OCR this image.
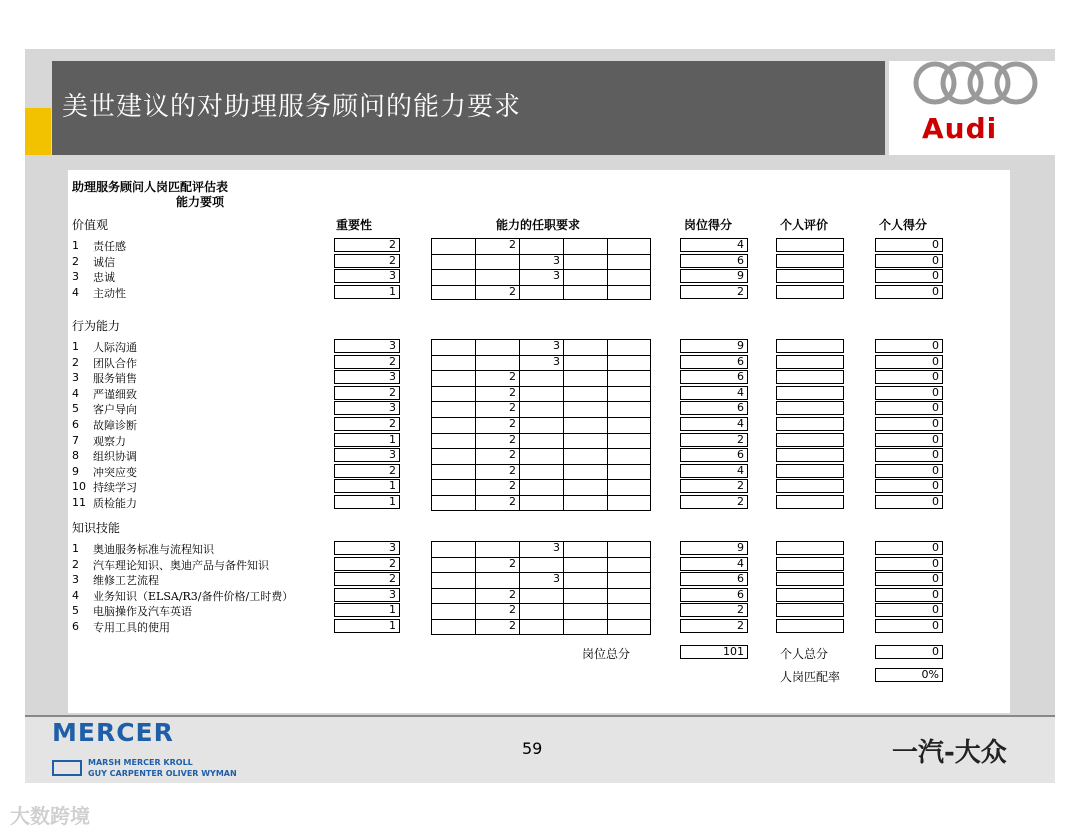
美世建议的对助理服务顾问的能力要求
Audi
助理服务顾问人岗匹配评估表
能力要项
重要性	能力的任职要求	岗位得分	个人评价	个人得分
价值观
1 责任感	2	2	4	0
2 诚信	2	3	6	0
3 忠诚	3	3	9	0
4 主动性	1	2	2	0
行为能力
1 人际沟通	3	3	9	0
2 团队合作	2	3	6	0
3 服务销售	3	2	6	0
4 严谨细致	2	2	4	0
5 客户导向	3	2	6	0
6 故障诊断	2	2	4	0
7 观察力	1	2	2	0
8 组织协调	3	2	6	0
9 冲突应变	2	2	4	0
10 持续学习	1	2	2	0
11 质检能力	1	2	2	0
知识技能
1 奥迪服务标准与流程知识	3	3	9	0
2 汽车理论知识、奥迪产品与备件知识	2	2	4	0
3 维修工艺流程	2	3	6	0
4 业务知识（ELSA/R3/备件价格/工时费）	3	2	6	0
5 电脑操作及汽车英语	1	2	2	0
6 专用工具的使用	1	2	2	0
岗位总分	101	个人总分	0
人岗匹配率	0%
MERCER
MARSH MERCER KROLL
GUY CARPENTER OLIVER WYMAN
59	一汽-大众
大数跨境
